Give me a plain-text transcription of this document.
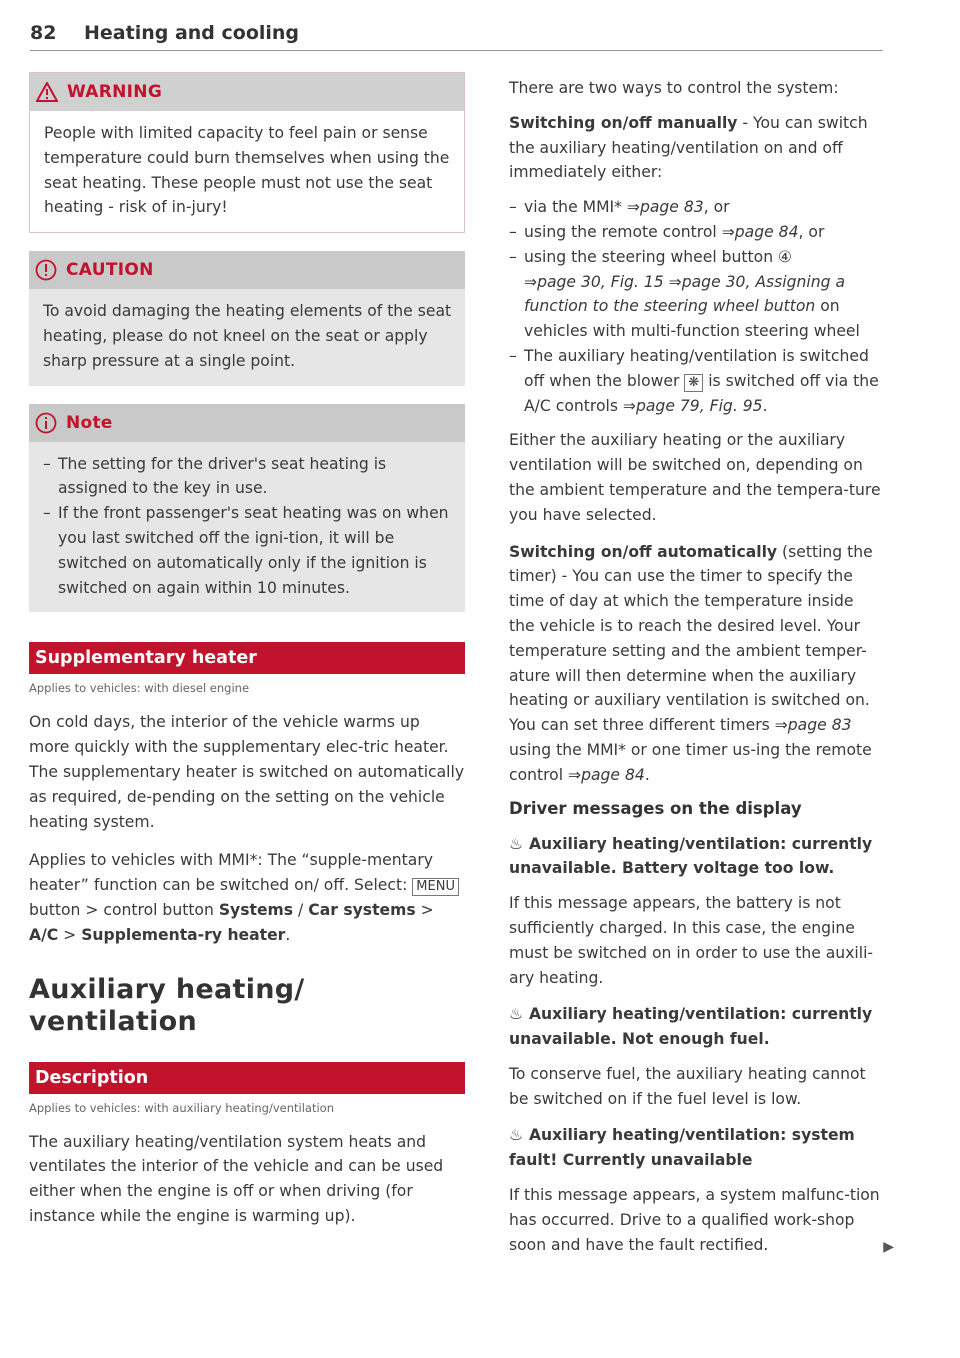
82 Heating and cooling
WARNING

People with limited capacity to feel pain or sense temperature could burn themselves when using the seat heating. These people must not use the seat heating - risk of in-jury!

CAUTION

To avoid damaging the heating elements of the seat heating, please do not kneel on the seat or apply sharp pressure at a single point.

Note
– The setting for the driver's seat heating is assigned to the key in use.
– If the front passenger's seat heating was on when you last switched off the igni-tion, it will be switched on automatically only if the ignition is switched on again within 10 minutes.
Supplementary heater
Applies to vehicles: with diesel engine

On cold days, the interior of the vehicle warms up more quickly with the supplementary elec-tric heater. The supplementary heater is switched on automatically as required, de-pending on the setting on the vehicle heating system.

Applies to vehicles with MMI*: The “supple-mentary heater” function can be switched on/ off. Select: MENU button > control button Systems / Car systems > A/C > Supplementa-ry heater.

Auxiliary heating/
ventilation
Description
Applies to vehicles: with auxiliary heating/ventilation

The auxiliary heating/ventilation system heats and ventilates the interior of the vehicle and can be used either when the engine is off or when driving (for instance while the engine is warming up).

There are two ways to control the system:

Switching on/off manually - You can switch the auxiliary heating/ventilation on and off immediately either:

– via the MMI* ⇒page 83, or
– using the remote control ⇒page 84, or
– using the steering wheel button ④
⇒page 30, Fig. 15 ⇒page 30, Assigning a function to the steering wheel button on vehicles with multi-function steering wheel
– The auxiliary heating/ventilation is switched off when the blower ❋ is switched off via the A/C controls ⇒page 79, Fig. 95.

Either the auxiliary heating or the auxiliary ventilation will be switched on, depending on the ambient temperature and the tempera-ture you have selected.

Switching on/off automatically (setting the timer) - You can use the timer to specify the time of day at which the temperature inside the vehicle is to reach the desired level. Your temperature setting and the ambient temper-ature will then determine when the auxiliary heating or auxiliary ventilation is switched on. You can set three different timers ⇒page 83 using the MMI* or one timer us-ing the remote control ⇒page 84.

Driver messages on the display
♨ Auxiliary heating/ventilation: currently unavailable. Battery voltage too low.

If this message appears, the battery is not sufficiently charged. In this case, the engine must be switched on in order to use the auxili-ary heating.

♨ Auxiliary heating/ventilation: currently unavailable. Not enough fuel.

To conserve fuel, the auxiliary heating cannot be switched on if the fuel level is low.

♨ Auxiliary heating/ventilation: system fault! Currently unavailable

If this message appears, a system malfunc-tion has occurred. Drive to a qualified work-shop soon and have the fault rectified.	▶
